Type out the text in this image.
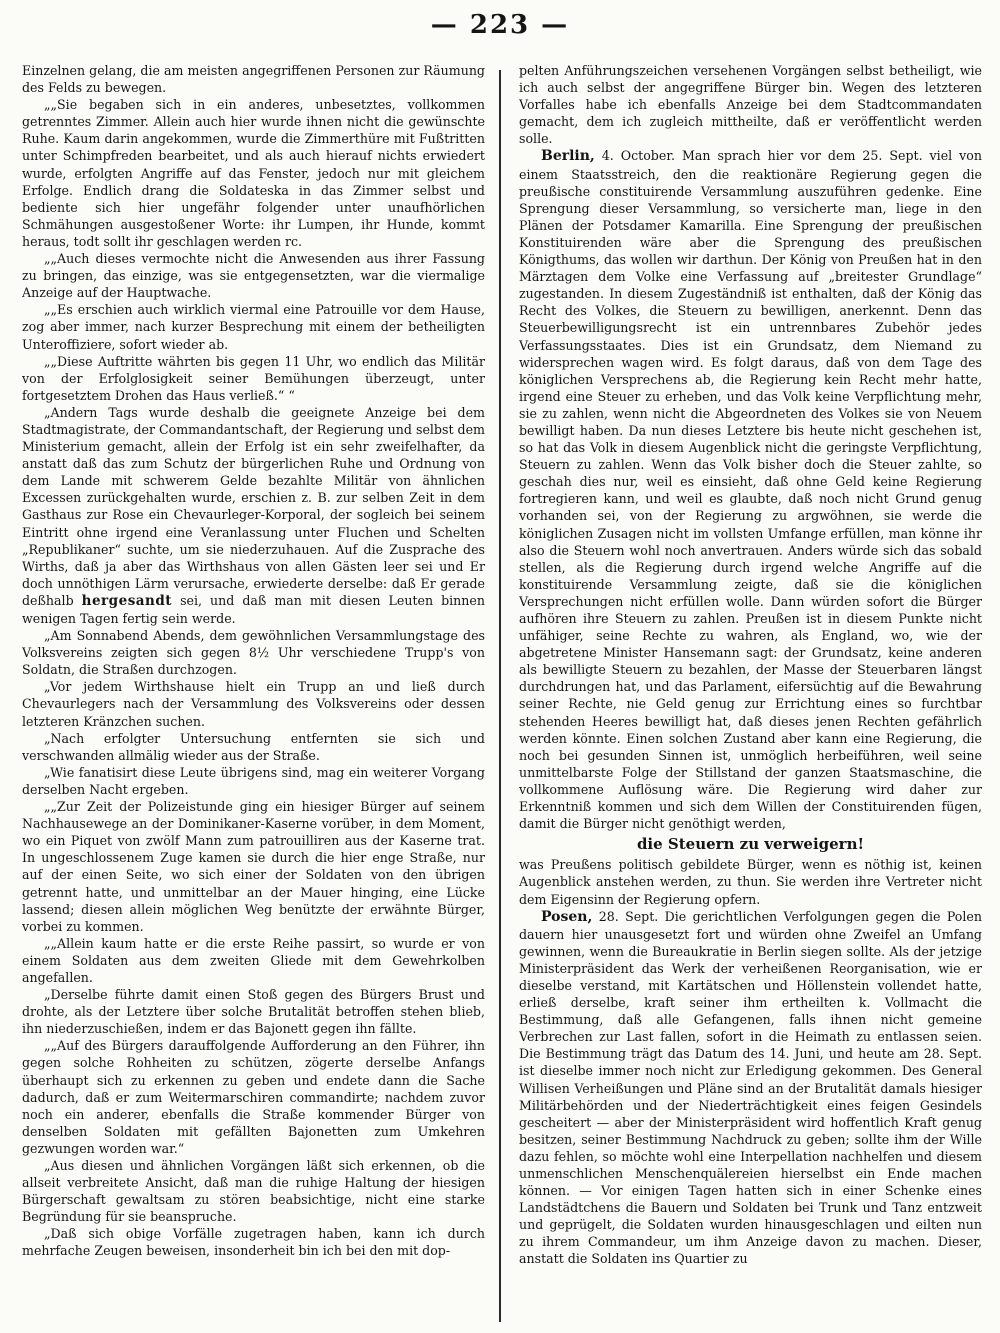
— 223 —

Einzelnen gelang, die am meisten angegriffenen Personen zur Räumung des Felds zu bewegen.

„„Sie begaben sich in ein anderes, unbesetztes, vollkommen getrenntes Zimmer. Allein auch hier wurde ihnen nicht die gewünschte Ruhe. Kaum darin angekommen, wurde die Zimmerthüre mit Fußtritten unter Schimpfreden bearbeitet, und als auch hierauf nichts erwiedert wurde, erfolgten Angriffe auf das Fenster, jedoch nur mit gleichem Erfolge. Endlich drang die Soldateska in das Zimmer selbst und bediente sich hier ungefähr folgender unter unaufhörlichen Schmähungen ausgestoßener Worte: ihr Lumpen, ihr Hunde, kommt heraus, todt sollt ihr geschlagen werden rc.

„„Auch dieses vermochte nicht die Anwesenden aus ihrer Fassung zu bringen, das einzige, was sie entgegensetzten, war die viermalige Anzeige auf der Hauptwache.

„„Es erschien auch wirklich viermal eine Patrouille vor dem Hause, zog aber immer, nach kurzer Besprechung mit einem der betheiligten Unteroffiziere, sofort wieder ab.

„„Diese Auftritte währten bis gegen 11 Uhr, wo endlich das Militär von der Erfolglosigkeit seiner Bemühungen überzeugt, unter fortgesetztem Drohen das Haus verließ.“ “

„Andern Tags wurde deshalb die geeignete Anzeige bei dem Stadtmagistrate, der Commandantschaft, der Regierung und selbst dem Ministerium gemacht, allein der Erfolg ist ein sehr zweifelhafter, da anstatt daß das zum Schutz der bürgerlichen Ruhe und Ordnung von dem Lande mit schwerem Gelde bezahlte Militär von ähnlichen Excessen zurückgehalten wurde, erschien z. B. zur selben Zeit in dem Gasthaus zur Rose ein Chevaurleger-Korporal, der sogleich bei seinem Eintritt ohne irgend eine Veranlassung unter Fluchen und Schelten „Republikaner“ suchte, um sie niederzuhauen. Auf die Zusprache des Wirths, daß ja aber das Wirthshaus von allen Gästen leer sei und Er doch unnöthigen Lärm verursache, erwiederte derselbe: daß Er gerade deßhalb hergesandt sei, und daß man mit diesen Leuten binnen wenigen Tagen fertig sein werde.

„Am Sonnabend Abends, dem gewöhnlichen Versammlungstage des Volksvereins zeigten sich gegen 8½ Uhr verschiedene Trupp's von Soldatn, die Straßen durchzogen.

„Vor jedem Wirthshause hielt ein Trupp an und ließ durch Chevaurlegers nach der Versammlung des Volksvereins oder dessen letzteren Kränzchen suchen.

„Nach erfolgter Untersuchung entfernten sie sich und verschwanden allmälig wieder aus der Straße.

„Wie fanatisirt diese Leute übrigens sind, mag ein weiterer Vorgang derselben Nacht ergeben.

„„Zur Zeit der Polizeistunde ging ein hiesiger Bürger auf seinem Nachhausewege an der Dominikaner-Kaserne vorüber, in dem Moment, wo ein Piquet von zwölf Mann zum patrouilliren aus der Kaserne trat. In ungeschlossenem Zuge kamen sie durch die hier enge Straße, nur auf der einen Seite, wo sich einer der Soldaten von den übrigen getrennt hatte, und unmittelbar an der Mauer hinging, eine Lücke lassend; diesen allein möglichen Weg benützte der erwähnte Bürger, vorbei zu kommen.

„„Allein kaum hatte er die erste Reihe passirt, so wurde er von einem Soldaten aus dem zweiten Gliede mit dem Gewehrkolben angefallen.

„Derselbe führte damit einen Stoß gegen des Bürgers Brust und drohte, als der Letztere über solche Brutalität betroffen stehen blieb, ihn niederzuschießen, indem er das Bajonett gegen ihn fällte.

„„Auf des Bürgers darauffolgende Aufforderung an den Führer, ihn gegen solche Rohheiten zu schützen, zögerte derselbe Anfangs überhaupt sich zu erkennen zu geben und endete dann die Sache dadurch, daß er zum Weitermarschiren commandirte; nachdem zuvor noch ein anderer, ebenfalls die Straße kommender Bürger von denselben Soldaten mit gefällten Bajonetten zum Umkehren gezwungen worden war.“

„Aus diesen und ähnlichen Vorgängen läßt sich erkennen, ob die allseit verbreitete Ansicht, daß man die ruhige Haltung der hiesigen Bürgerschaft gewaltsam zu stören beabsichtige, nicht eine starke Begründung für sie beanspruche.

„Daß sich obige Vorfälle zugetragen haben, kann ich durch mehrfache Zeugen beweisen, insonderheit bin ich bei den mit dop-

pelten Anführungszeichen versehenen Vorgängen selbst betheiligt, wie ich auch selbst der angegriffene Bürger bin. Wegen des letzteren Vorfalles habe ich ebenfalls Anzeige bei dem Stadtcommandaten gemacht, dem ich zugleich mittheilte, daß er veröffentlicht werden solle.

Berlin, 4. October. Man sprach hier vor dem 25. Sept. viel von einem Staatsstreich, den die reaktionäre Regierung gegen die preußische constituirende Versammlung auszuführen gedenke. Eine Sprengung dieser Versammlung, so versicherte man, liege in den Plänen der Potsdamer Kamarilla. Eine Sprengung der preußischen Konstituirenden wäre aber die Sprengung des preußischen Königthums, das wollen wir darthun. Der König von Preußen hat in den Märztagen dem Volke eine Verfassung auf „breitester Grundlage“ zugestanden. In diesem Zugeständniß ist enthalten, daß der König das Recht des Volkes, die Steuern zu bewilligen, anerkennt. Denn das Steuerbewilligungsrecht ist ein untrennbares Zubehör jedes Verfassungsstaates. Dies ist ein Grundsatz, dem Niemand zu widersprechen wagen wird. Es folgt daraus, daß von dem Tage des königlichen Versprechens ab, die Regierung kein Recht mehr hatte, irgend eine Steuer zu erheben, und das Volk keine Verpflichtung mehr, sie zu zahlen, wenn nicht die Abgeordneten des Volkes sie von Neuem bewilligt haben. Da nun dieses Letztere bis heute nicht geschehen ist, so hat das Volk in diesem Augenblick nicht die geringste Verpflichtung, Steuern zu zahlen. Wenn das Volk bisher doch die Steuer zahlte, so geschah dies nur, weil es einsieht, daß ohne Geld keine Regierung fortregieren kann, und weil es glaubte, daß noch nicht Grund genug vorhanden sei, von der Regierung zu argwöhnen, sie werde die königlichen Zusagen nicht im vollsten Umfange erfüllen, man könne ihr also die Steuern wohl noch anvertrauen. Anders würde sich das sobald stellen, als die Regierung durch irgend welche Angriffe auf die konstituirende Versammlung zeigte, daß sie die königlichen Versprechungen nicht erfüllen wolle. Dann würden sofort die Bürger aufhören ihre Steuern zu zahlen. Preußen ist in diesem Punkte nicht unfähiger, seine Rechte zu wahren, als England, wo, wie der abgetretene Minister Hansemann sagt: der Grundsatz, keine anderen als bewilligte Steuern zu bezahlen, der Masse der Steuerbaren längst durchdrungen hat, und das Parlament, eifersüchtig auf die Bewahrung seiner Rechte, nie Geld genug zur Errichtung eines so furchtbar stehenden Heeres bewilligt hat, daß dieses jenen Rechten gefährlich werden könnte. Einen solchen Zustand aber kann eine Regierung, die noch bei gesunden Sinnen ist, unmöglich herbeiführen, weil seine unmittelbarste Folge der Stillstand der ganzen Staatsmaschine, die vollkommene Auflösung wäre. Die Regierung wird daher zur Erkenntniß kommen und sich dem Willen der Constituirenden fügen, damit die Bürger nicht genöthigt werden,

die Steuern zu verweigern!

was Preußens politisch gebildete Bürger, wenn es nöthig ist, keinen Augenblick anstehen werden, zu thun. Sie werden ihre Vertreter nicht dem Eigensinn der Regierung opfern.

Posen, 28. Sept. Die gerichtlichen Verfolgungen gegen die Polen dauern hier unausgesetzt fort und würden ohne Zweifel an Umfang gewinnen, wenn die Bureaukratie in Berlin siegen sollte. Als der jetzige Ministerpräsident das Werk der verheißenen Reorganisation, wie er dieselbe verstand, mit Kartätschen und Höllenstein vollendet hatte, erließ derselbe, kraft seiner ihm ertheilten k. Vollmacht die Bestimmung, daß alle Gefangenen, falls ihnen nicht gemeine Verbrechen zur Last fallen, sofort in die Heimath zu entlassen seien. Die Bestimmung trägt das Datum des 14. Juni, und heute am 28. Sept. ist dieselbe immer noch nicht zur Erledigung gekommen. Des General Willisen Verheißungen und Pläne sind an der Brutalität damals hiesiger Militärbehörden und der Niederträchtigkeit eines feigen Gesindels gescheitert — aber der Ministerpräsident wird hoffentlich Kraft genug besitzen, seiner Bestimmung Nachdruck zu geben; sollte ihm der Wille dazu fehlen, so möchte wohl eine Interpellation nachhelfen und diesem unmenschlichen Menschenquälereien hierselbst ein Ende machen können. — Vor einigen Tagen hatten sich in einer Schenke eines Landstädtchens die Bauern und Soldaten bei Trunk und Tanz entzweit und geprügelt, die Soldaten wurden hinausgeschlagen und eilten nun zu ihrem Commandeur, um ihm Anzeige davon zu machen. Dieser, anstatt die Soldaten ins Quartier zu
